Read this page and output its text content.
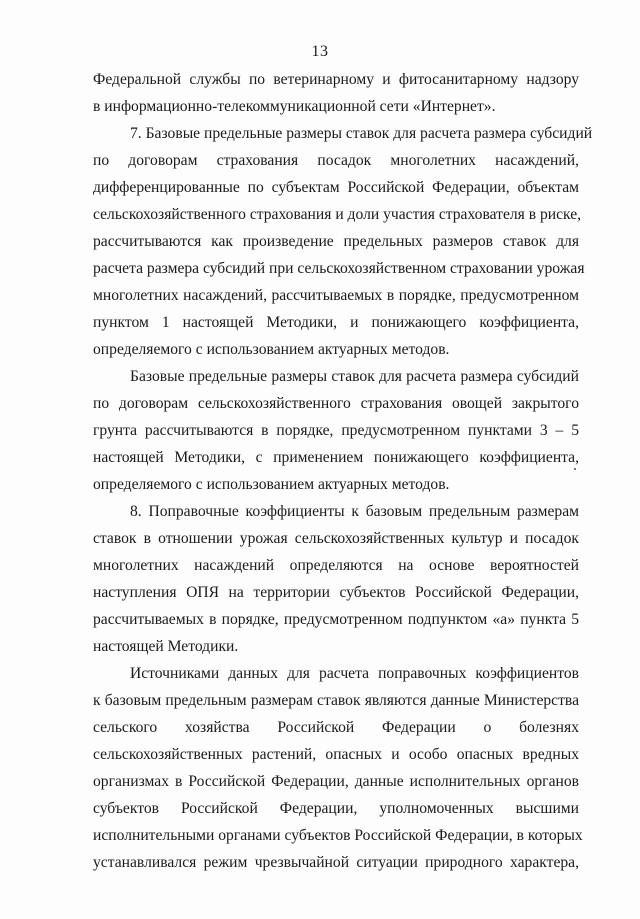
13
Федеральной службы по ветеринарному и фитосанитарному надзору
в информационно-телекоммуникационной сети «Интернет».
7. Базовые предельные размеры ставок для расчета размера субсидий
по договорам страхования посадок многолетних насаждений,
дифференцированные по субъектам Российской Федерации, объектам
сельскохозяйственного страхования и доли участия страхователя в риске,
рассчитываются как произведение предельных размеров ставок для
расчета размера субсидий при сельскохозяйственном страховании урожая
многолетних насаждений, рассчитываемых в порядке, предусмотренном
пунктом 1 настоящей Методики, и понижающего коэффициента,
определяемого с использованием актуарных методов.
Базовые предельные размеры ставок для расчета размера субсидий
по договорам сельскохозяйственного страхования овощей закрытого
грунта рассчитываются в порядке, предусмотренном пунктами 3 – 5
настоящей Методики, с применением понижающего коэффициента,
определяемого с использованием актуарных методов.
8. Поправочные коэффициенты к базовым предельным размерам
ставок в отношении урожая сельскохозяйственных культур и посадок
многолетних насаждений определяются на основе вероятностей
наступления ОПЯ на территории субъектов Российской Федерации,
рассчитываемых в порядке, предусмотренном подпунктом «а» пункта 5
настоящей Методики.
Источниками данных для расчета поправочных коэффициентов
к базовым предельным размерам ставок являются данные Министерства
сельского хозяйства Российской Федерации о болезнях
сельскохозяйственных растений, опасных и особо опасных вредных
организмах в Российской Федерации, данные исполнительных органов
субъектов Российской Федерации, уполномоченных высшими
исполнительными органами субъектов Российской Федерации, в которых
устанавливался режим чрезвычайной ситуации природного характера,
